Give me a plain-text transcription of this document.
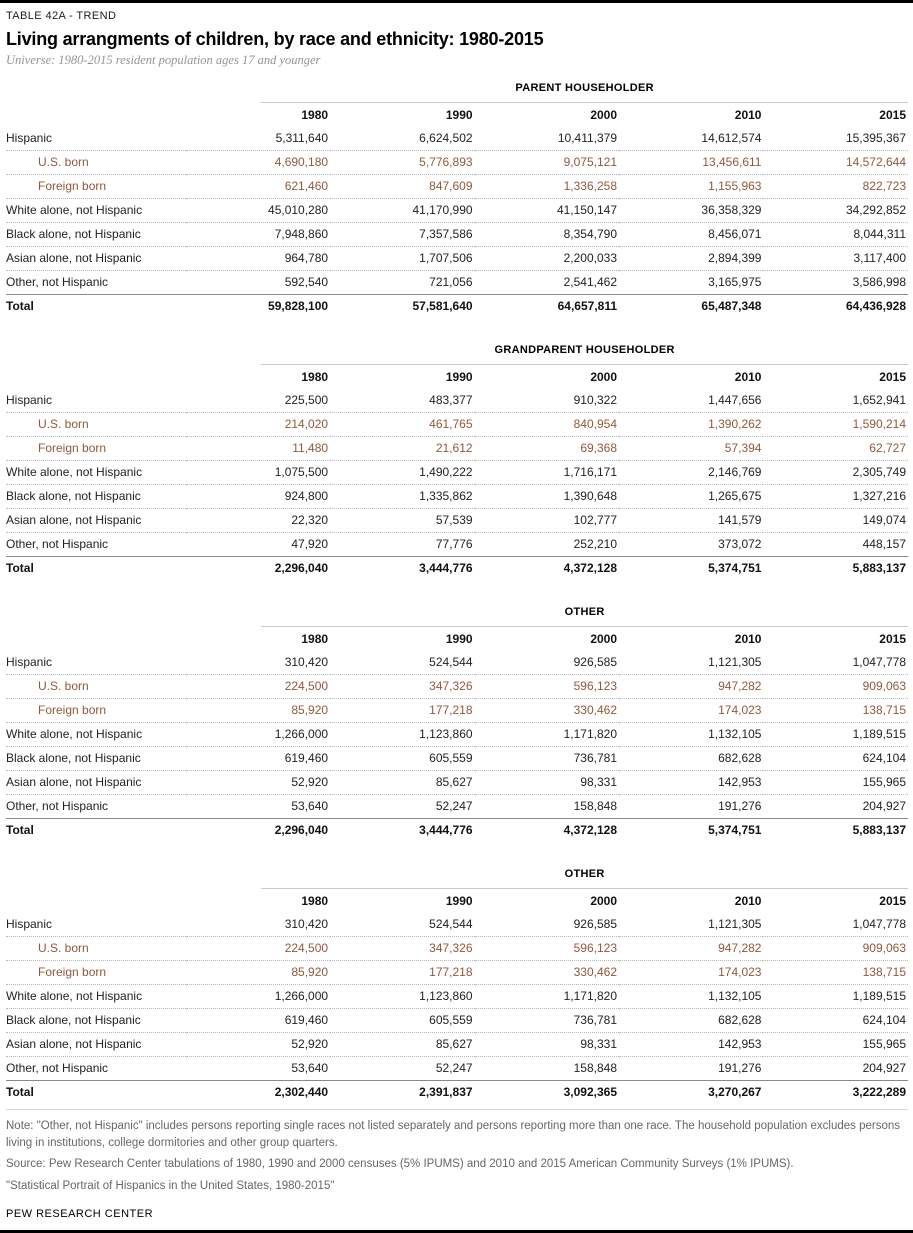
TABLE 42A - TREND
Living arrangments of children, by race and ethnicity: 1980-2015
Universe: 1980-2015 resident population ages 17 and younger
PARENT HOUSEHOLDER
	1980	1990	2000	2010	2015
Hispanic	5,311,640	6,624,502	10,411,379	14,612,574	15,395,367
U.S. born	4,690,180	5,776,893	9,075,121	13,456,611	14,572,644
Foreign born	621,460	847,609	1,336,258	1,155,963	822,723
White alone, not Hispanic	45,010,280	41,170,990	41,150,147	36,358,329	34,292,852
Black alone, not Hispanic	7,948,860	7,357,586	8,354,790	8,456,071	8,044,311
Asian alone, not Hispanic	964,780	1,707,506	2,200,033	2,894,399	3,117,400
Other, not Hispanic	592,540	721,056	2,541,462	3,165,975	3,586,998
Total	59,828,100	57,581,640	64,657,811	65,487,348	64,436,928
GRANDPARENT HOUSEHOLDER
	1980	1990	2000	2010	2015
Hispanic	225,500	483,377	910,322	1,447,656	1,652,941
U.S. born	214,020	461,765	840,954	1,390,262	1,590,214
Foreign born	11,480	21,612	69,368	57,394	62,727
White alone, not Hispanic	1,075,500	1,490,222	1,716,171	2,146,769	2,305,749
Black alone, not Hispanic	924,800	1,335,862	1,390,648	1,265,675	1,327,216
Asian alone, not Hispanic	22,320	57,539	102,777	141,579	149,074
Other, not Hispanic	47,920	77,776	252,210	373,072	448,157
Total	2,296,040	3,444,776	4,372,128	5,374,751	5,883,137
OTHER
	1980	1990	2000	2010	2015
Hispanic	310,420	524,544	926,585	1,121,305	1,047,778
U.S. born	224,500	347,326	596,123	947,282	909,063
Foreign born	85,920	177,218	330,462	174,023	138,715
White alone, not Hispanic	1,266,000	1,123,860	1,171,820	1,132,105	1,189,515
Black alone, not Hispanic	619,460	605,559	736,781	682,628	624,104
Asian alone, not Hispanic	52,920	85,627	98,331	142,953	155,965
Other, not Hispanic	53,640	52,247	158,848	191,276	204,927
Total	2,296,040	3,444,776	4,372,128	5,374,751	5,883,137
OTHER
	1980	1990	2000	2010	2015
Hispanic	310,420	524,544	926,585	1,121,305	1,047,778
U.S. born	224,500	347,326	596,123	947,282	909,063
Foreign born	85,920	177,218	330,462	174,023	138,715
White alone, not Hispanic	1,266,000	1,123,860	1,171,820	1,132,105	1,189,515
Black alone, not Hispanic	619,460	605,559	736,781	682,628	624,104
Asian alone, not Hispanic	52,920	85,627	98,331	142,953	155,965
Other, not Hispanic	53,640	52,247	158,848	191,276	204,927
Total	2,302,440	2,391,837	3,092,365	3,270,267	3,222,289

Note: "Other, not Hispanic" includes persons reporting single races not listed separately and persons reporting more than one race. The household population excludes persons living in institutions, college dormitories and other group quarters.

Source: Pew Research Center tabulations of 1980, 1990 and 2000 censuses (5% IPUMS) and 2010 and 2015 American Community Surveys (1% IPUMS).

"Statistical Portrait of Hispanics in the United States, 1980-2015"

PEW RESEARCH CENTER
